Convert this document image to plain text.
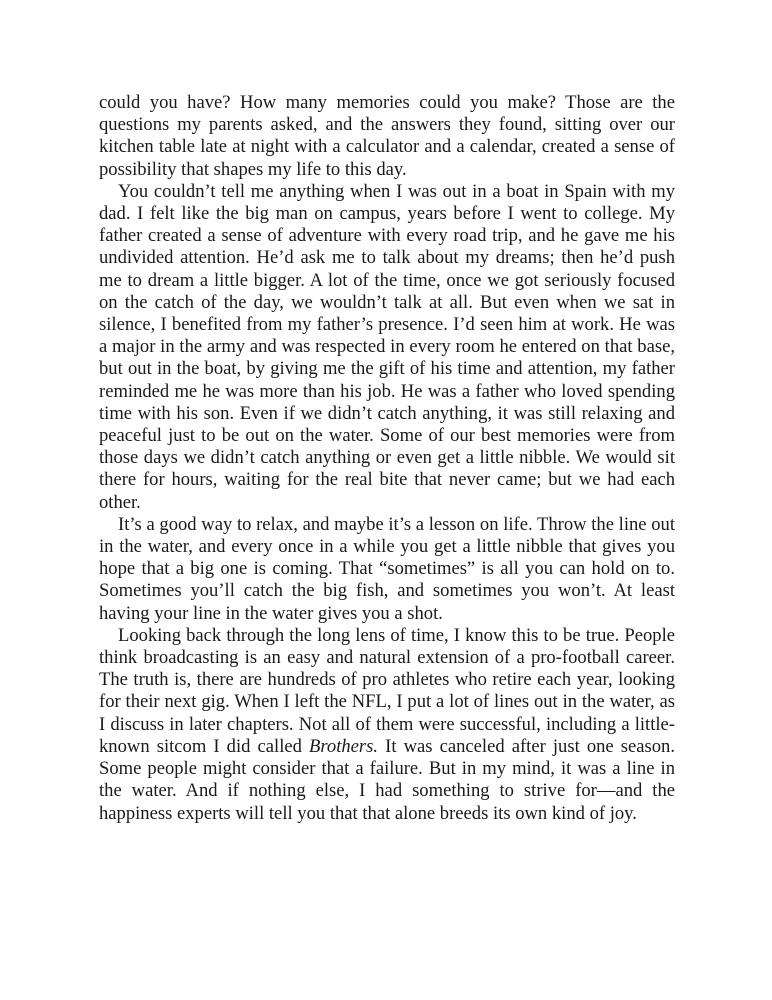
could you have? How many memories could you make? Those are the questions my parents asked, and the answers they found, sitting over our kitchen table late at night with a calculator and a calendar, created a sense of possibility that shapes my life to this day.

You couldn’t tell me anything when I was out in a boat in Spain with my dad. I felt like the big man on campus, years before I went to college. My father created a sense of adventure with every road trip, and he gave me his undivided attention. He’d ask me to talk about my dreams; then he’d push me to dream a little bigger. A lot of the time, once we got seriously focused on the catch of the day, we wouldn’t talk at all. But even when we sat in silence, I benefited from my father’s presence. I’d seen him at work. He was a major in the army and was respected in every room he entered on that base, but out in the boat, by giving me the gift of his time and attention, my father reminded me he was more than his job. He was a father who loved spending time with his son. Even if we didn’t catch anything, it was still relaxing and peaceful just to be out on the water. Some of our best memories were from those days we didn’t catch anything or even get a little nibble. We would sit there for hours, waiting for the real bite that never came; but we had each other.

It’s a good way to relax, and maybe it’s a lesson on life. Throw the line out in the water, and every once in a while you get a little nibble that gives you hope that a big one is coming. That “sometimes” is all you can hold on to. Sometimes you’ll catch the big fish, and sometimes you won’t. At least having your line in the water gives you a shot.

Looking back through the long lens of time, I know this to be true. People think broadcasting is an easy and natural extension of a pro-football career. The truth is, there are hundreds of pro athletes who retire each year, looking for their next gig. When I left the NFL, I put a lot of lines out in the water, as I discuss in later chapters. Not all of them were successful, including a little-known sitcom I did called Brothers. It was canceled after just one season. Some people might consider that a failure. But in my mind, it was a line in the water. And if nothing else, I had something to strive for—and the happiness experts will tell you that that alone breeds its own kind of joy.
